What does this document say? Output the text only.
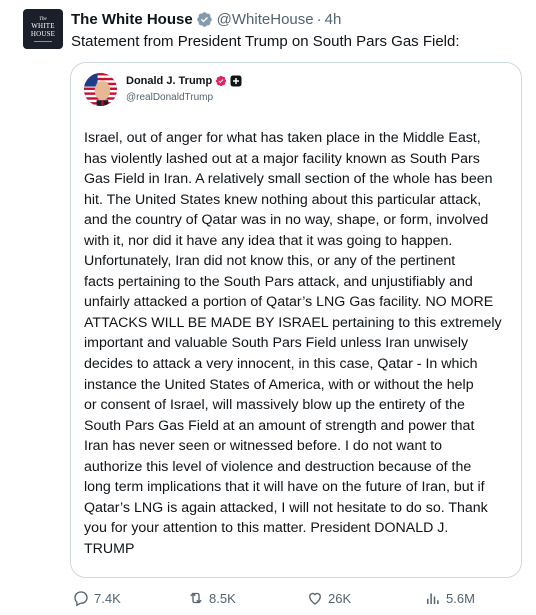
The
WHITE
HOUSE
The White House @WhiteHouse · 4h
Statement from President Trump on South Pars Gas Field:
Donald J. Trump
@realDonaldTrump
Israel, out of anger for what has taken place in the Middle East,
has violently lashed out at a major facility known as South Pars
Gas Field in Iran. A relatively small section of the whole has been
hit. The United States knew nothing about this particular attack,
and the country of Qatar was in no way, shape, or form, involved
with it, nor did it have any idea that it was going to happen.
Unfortunately, Iran did not know this, or any of the pertinent
facts pertaining to the South Pars attack, and unjustifiably and
unfairly attacked a portion of Qatar’s LNG Gas facility. NO MORE
ATTACKS WILL BE MADE BY ISRAEL pertaining to this extremely
important and valuable South Pars Field unless Iran unwisely
decides to attack a very innocent, in this case, Qatar - In which
instance the United States of America, with or without the help
or consent of Israel, will massively blow up the entirety of the
South Pars Gas Field at an amount of strength and power that
Iran has never seen or witnessed before. I do not want to
authorize this level of violence and destruction because of the
long term implications that it will have on the future of Iran, but if
Qatar’s LNG is again attacked, I will not hesitate to do so. Thank
you for your attention to this matter. President DONALD J.
TRUMP
7.4K	8.5K	26K	5.6M
